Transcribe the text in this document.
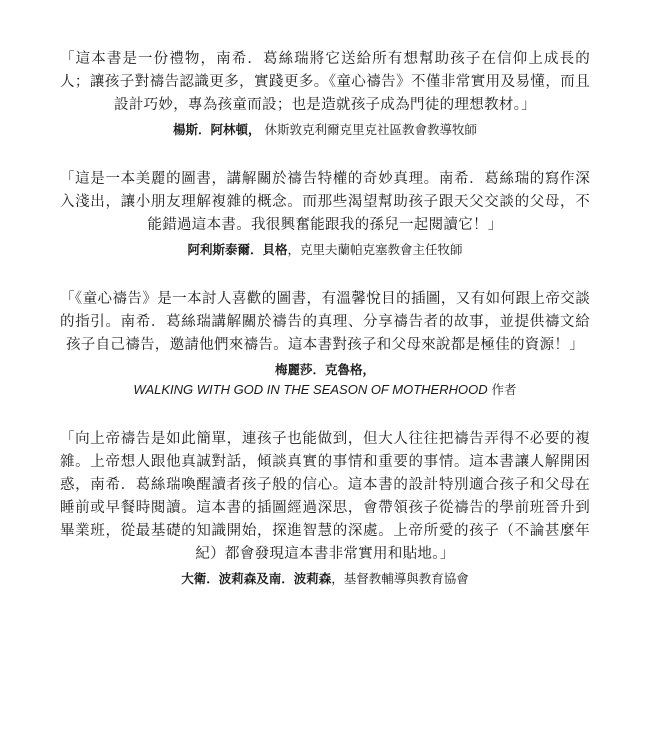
「這本書是一份禮物，南希．葛絲瑞將它送給所有想幫助孩子在信仰上成長的人；讓孩子對禱告認識更多，實踐更多。《童心禱告》不僅非常實用及易懂，而且設計巧妙，專為孩童而設；也是造就孩子成為門徒的理想教材。」

楊斯．阿林頓， 休斯敦克利爾克里克社區教會教導牧師

「這是一本美麗的圖書，講解關於禱告特權的奇妙真理。南希．葛絲瑞的寫作深入淺出，讓小朋友理解複雜的概念。而那些渴望幫助孩子跟天父交談的父母，不能錯過這本書。我很興奮能跟我的孫兒一起閱讀它！」

阿利斯泰爾．貝格，克里夫蘭帕克塞教會主任牧師

「《童心禱告》是一本討人喜歡的圖書，有溫馨悅目的插圖，又有如何跟上帝交談的指引。南希．葛絲瑞講解關於禱告的真理、分享禱告者的故事，並提供禱文給孩子自己禱告，邀請他們來禱告。這本書對孩子和父母來說都是極佳的資源！」

梅麗莎．克魯格，
WALKING WITH GOD IN THE SEASON OF MOTHERHOOD 作者

「向上帝禱告是如此簡單，連孩子也能做到，但大人往往把禱告弄得不必要的複雜。上帝想人跟他真誠對話，傾談真實的事情和重要的事情。這本書讓人解開困惑，南希．葛絲瑞喚醒讀者孩子般的信心。這本書的設計特別適合孩子和父母在睡前或早餐時閱讀。這本書的插圖經過深思，會帶領孩子從禱告的學前班晉升到畢業班，從最基礎的知識開始，探進智慧的深處。上帝所愛的孩子（不論甚麼年紀）都會發現這本書非常實用和貼地。」

大衛．波莉森及南．波莉森，基督教輔導與教育協會
